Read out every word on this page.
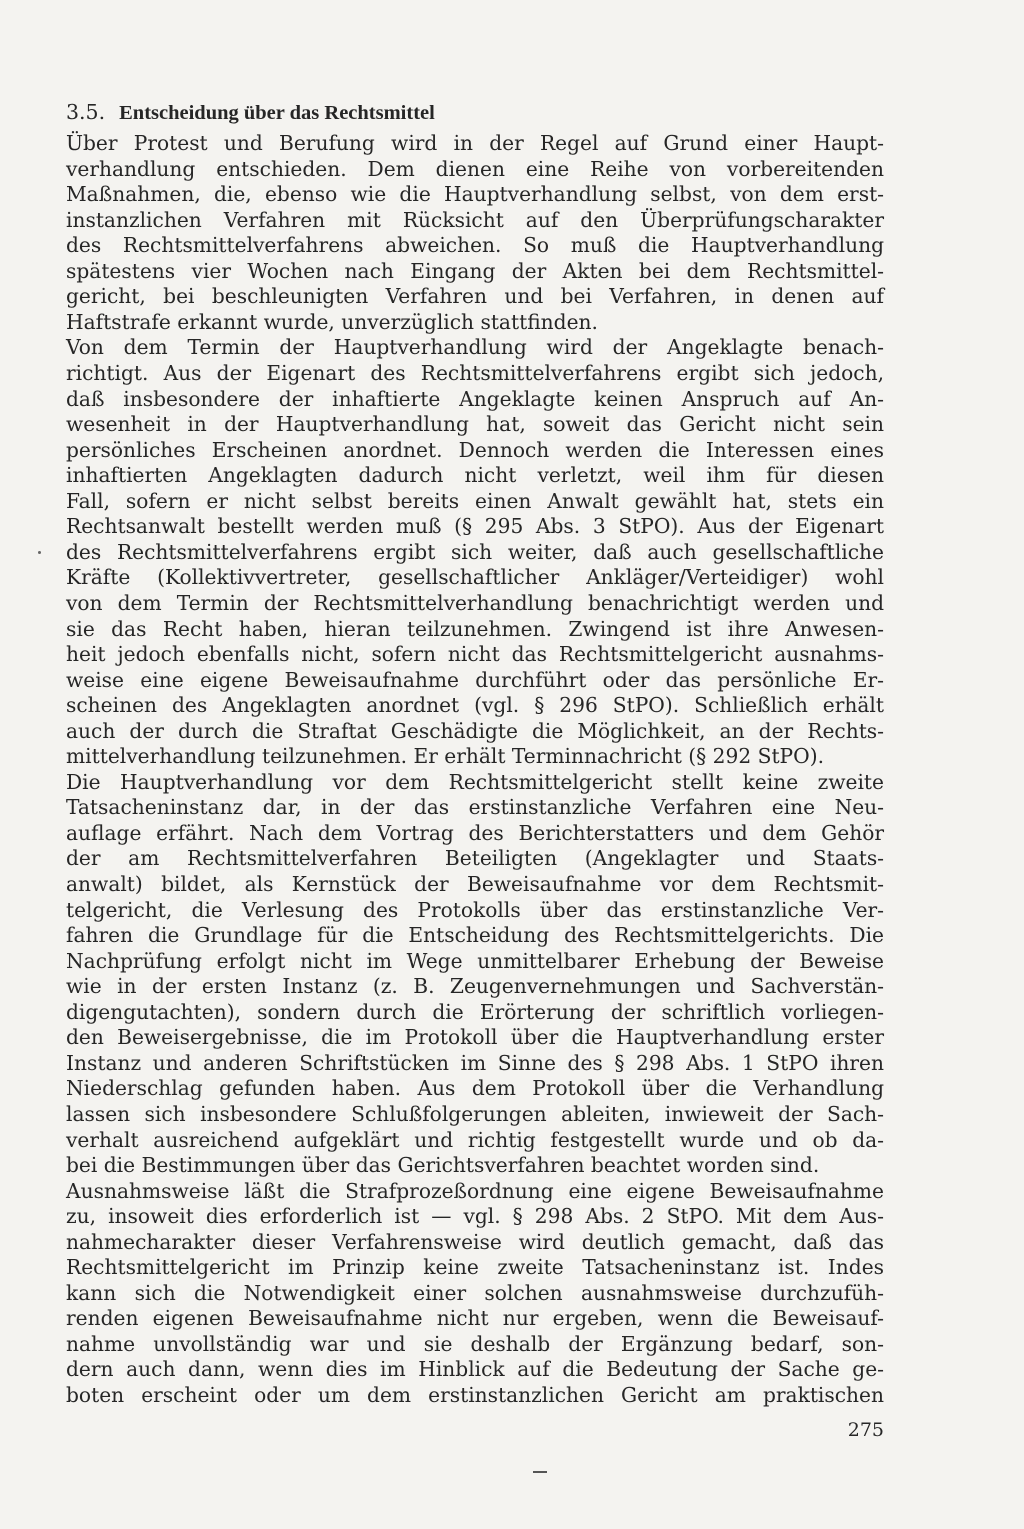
3.5. Entscheidung über das Rechtsmittel
Über Protest und Berufung wird in der Regel auf Grund einer Haupt-
verhandlung entschieden. Dem dienen eine Reihe von vorbereitenden
Maßnahmen, die, ebenso wie die Hauptverhandlung selbst, von dem erst-
instanzlichen Verfahren mit Rücksicht auf den Überprüfungscharakter
des Rechtsmittelverfahrens abweichen. So muß die Hauptverhandlung
spätestens vier Wochen nach Eingang der Akten bei dem Rechtsmittel-
gericht, bei beschleunigten Verfahren und bei Verfahren, in denen auf
Haftstrafe erkannt wurde, unverzüglich stattfinden.
Von dem Termin der Hauptverhandlung wird der Angeklagte benach-
richtigt. Aus der Eigenart des Rechtsmittelverfahrens ergibt sich jedoch,
daß insbesondere der inhaftierte Angeklagte keinen Anspruch auf An-
wesenheit in der Hauptverhandlung hat, soweit das Gericht nicht sein
persönliches Erscheinen anordnet. Dennoch werden die Interessen eines
inhaftierten Angeklagten dadurch nicht verletzt, weil ihm für diesen
Fall, sofern er nicht selbst bereits einen Anwalt gewählt hat, stets ein
Rechtsanwalt bestellt werden muß (§ 295 Abs. 3 StPO). Aus der Eigenart
des Rechtsmittelverfahrens ergibt sich weiter, daß auch gesellschaftliche
Kräfte (Kollektivvertreter, gesellschaftlicher Ankläger/Verteidiger) wohl
von dem Termin der Rechtsmittelverhandlung benachrichtigt werden und
sie das Recht haben, hieran teilzunehmen. Zwingend ist ihre Anwesen-
heit jedoch ebenfalls nicht, sofern nicht das Rechtsmittelgericht ausnahms-
weise eine eigene Beweisaufnahme durchführt oder das persönliche Er-
scheinen des Angeklagten anordnet (vgl. § 296 StPO). Schließlich erhält
auch der durch die Straftat Geschädigte die Möglichkeit, an der Rechts-
mittelverhandlung teilzunehmen. Er erhält Terminnachricht (§ 292 StPO).
Die Hauptverhandlung vor dem Rechtsmittelgericht stellt keine zweite
Tatsacheninstanz dar, in der das erstinstanzliche Verfahren eine Neu-
auflage erfährt. Nach dem Vortrag des Berichterstatters und dem Gehör
der am Rechtsmittelverfahren Beteiligten (Angeklagter und Staats-
anwalt) bildet, als Kernstück der Beweisaufnahme vor dem Rechtsmit-
telgericht, die Verlesung des Protokolls über das erstinstanzliche Ver-
fahren die Grundlage für die Entscheidung des Rechtsmittelgerichts. Die
Nachprüfung erfolgt nicht im Wege unmittelbarer Erhebung der Beweise
wie in der ersten Instanz (z. B. Zeugenvernehmungen und Sachverstän-
digengutachten), sondern durch die Erörterung der schriftlich vorliegen-
den Beweisergebnisse, die im Protokoll über die Hauptverhandlung erster
Instanz und anderen Schriftstücken im Sinne des § 298 Abs. 1 StPO ihren
Niederschlag gefunden haben. Aus dem Protokoll über die Verhandlung
lassen sich insbesondere Schlußfolgerungen ableiten, inwieweit der Sach-
verhalt ausreichend aufgeklärt und richtig festgestellt wurde und ob da-
bei die Bestimmungen über das Gerichtsverfahren beachtet worden sind.
Ausnahmsweise läßt die Strafprozeßordnung eine eigene Beweisaufnahme
zu, insoweit dies erforderlich ist — vgl. § 298 Abs. 2 StPO. Mit dem Aus-
nahmecharakter dieser Verfahrensweise wird deutlich gemacht, daß das
Rechtsmittelgericht im Prinzip keine zweite Tatsacheninstanz ist. Indes
kann sich die Notwendigkeit einer solchen ausnahmsweise durchzufüh-
renden eigenen Beweisaufnahme nicht nur ergeben, wenn die Beweisauf-
nahme unvollständig war und sie deshalb der Ergänzung bedarf, son-
dern auch dann, wenn dies im Hinblick auf die Bedeutung der Sache ge-
boten erscheint oder um dem erstinstanzlichen Gericht am praktischen
275
